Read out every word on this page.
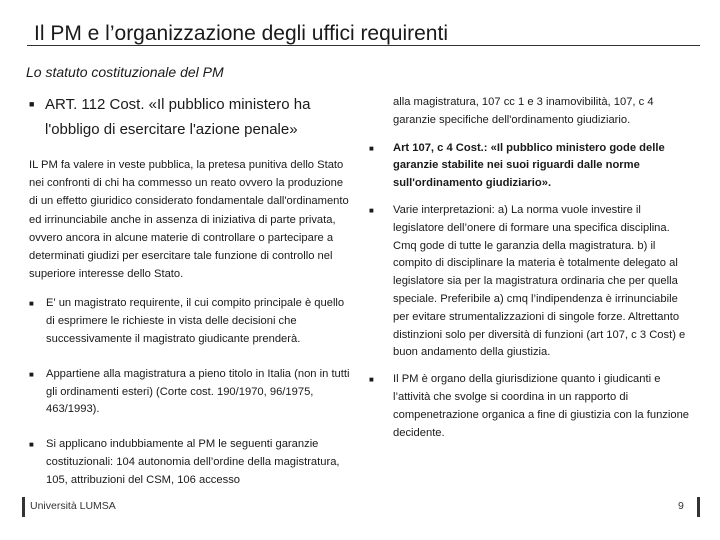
Il PM e l’organizzazione degli uffici requirenti
Lo statuto costituzionale del PM
■
ART. 112 Cost. «Il pubblico ministero ha l'obbligo di esercitare l'azione penale»
IL PM fa valere in veste pubblica, la pretesa punitiva dello Stato nei confronti di chi ha commesso un reato ovvero la produzione di un effetto giuridico considerato fondamentale dall'ordinamento ed irrinunciabile anche in assenza di iniziativa di parte privata, ovvero ancora in alcune materie di controllare o partecipare a determinati giudizi per esercitare tale funzione di controllo nel superiore interesse dello Stato.
■
E' un magistrato requirente, il cui compito principale è quello di esprimere le richieste in vista delle decisioni che successivamente il magistrato giudicante prenderà.
■
Appartiene alla magistratura a pieno titolo in Italia (non in tutti gli ordinamenti esteri) (Corte cost. 190/1970, 96/1975, 463/1993).
■
Si applicano indubbiamente al PM le seguenti garanzie costituzionali: 104 autonomia dell’ordine della magistratura, 105, attribuzioni del CSM, 106 accesso
alla magistratura, 107 cc 1 e 3 inamovibilità, 107, c 4 garanzie specifiche dell'ordinamento giudiziario.
■
Art 107, c 4 Cost.: «Il pubblico ministero gode delle garanzie stabilite nei suoi riguardi dalle norme sull'ordinamento giudiziario».
■
Varie interpretazioni: a) La norma vuole investire il legislatore dell’onere di formare una specifica disciplina. Cmq gode di tutte le garanzia della magistratura. b) il compito di disciplinare la materia è totalmente delegato al legislatore sia per la magistratura ordinaria che per quella speciale. Preferibile a) cmq l’indipendenza è irrinunciabile per evitare strumentalizzazioni di singole forze. Altrettanto distinzioni solo per diversità di funzioni (art 107, c 3 Cost) e buon andamento della giustizia.
■
Il PM è organo della giurisdizione quanto i giudicanti e l’attività che svolge si coordina in un rapporto di compenetrazione organica a fine di giustizia con la funzione decidente.
Università LUMSA	9
